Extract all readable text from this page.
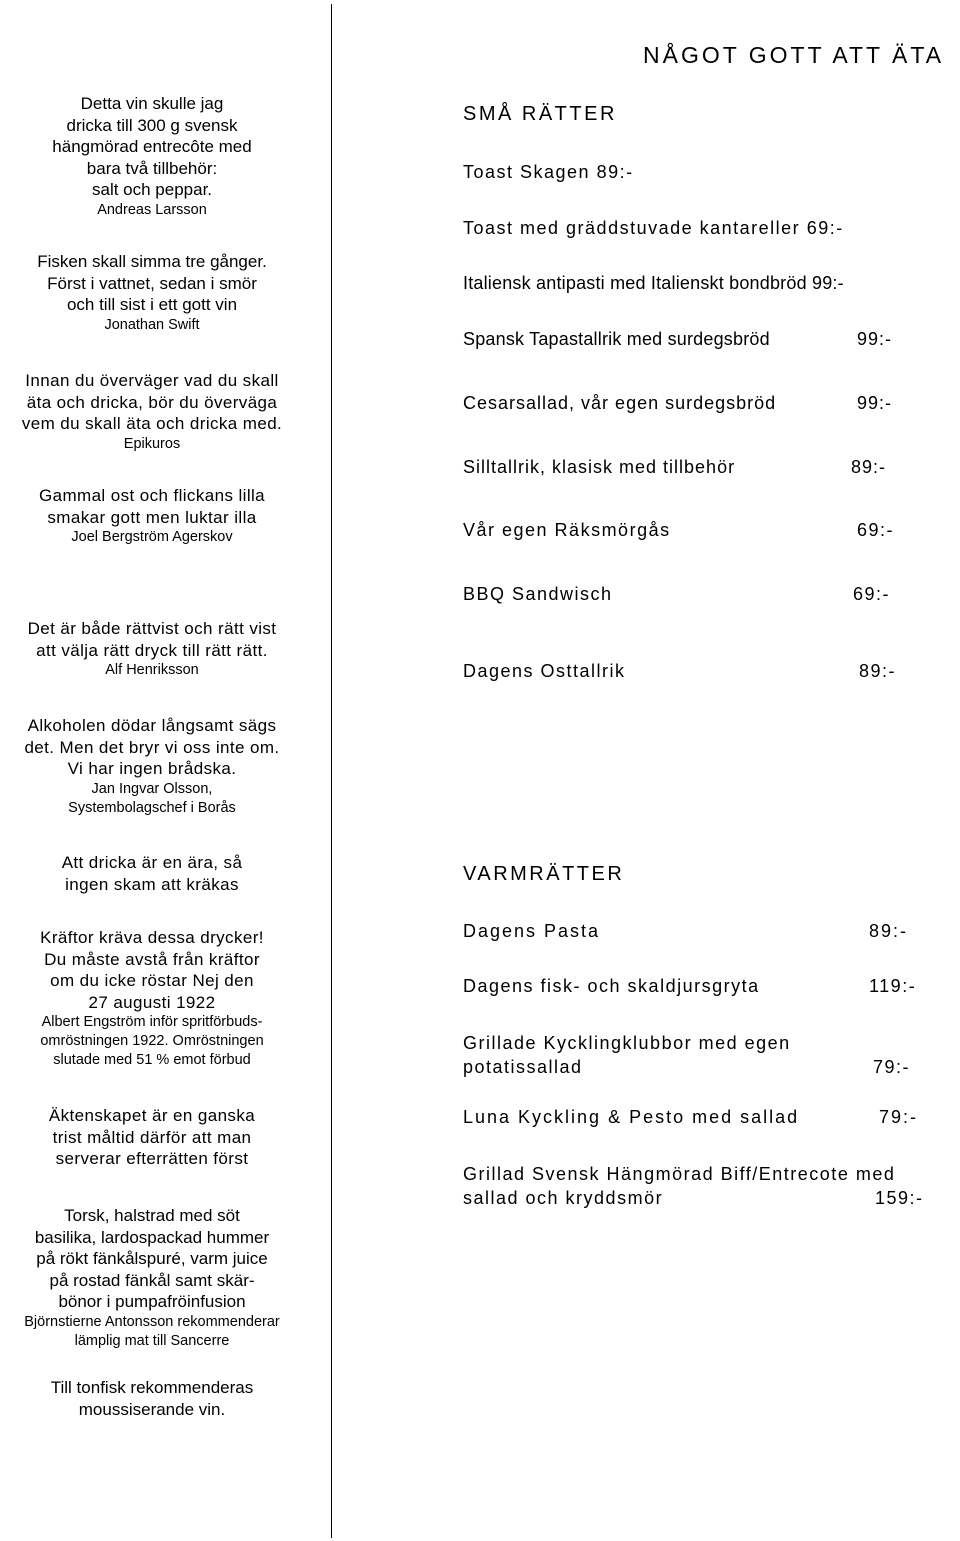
Detta vin skulle jag
dricka till 300 g svensk
hängmörad entrecôte med
bara två tillbehör:
salt och peppar.
Andreas Larsson
Fisken skall simma tre gånger.
Först i vattnet, sedan i smör
och till sist i ett gott vin
Jonathan Swift
Innan du överväger vad du skall
äta och dricka, bör du överväga
vem du skall äta och dricka med.
Epikuros
Gammal ost och flickans lilla
smakar gott men luktar illa
Joel Bergström Agerskov
Det är både rättvist och rätt vist
att välja rätt dryck till rätt rätt.
Alf Henriksson
Alkoholen dödar långsamt sägs
det. Men det bryr vi oss inte om.
Vi har ingen brådska.
Jan Ingvar Olsson,
Systembolagschef i Borås
Att dricka är en ära, så
ingen skam att kräkas
Kräftor kräva dessa drycker!
Du måste avstå från kräftor
om du icke röstar Nej den
27 augusti 1922
Albert Engström inför spritförbuds-
omröstningen 1922. Omröstningen
slutade med 51 % emot förbud
Äktenskapet är en ganska
trist måltid därför att man
serverar efterrätten först
Torsk, halstrad med söt
basilika, lardospackad hummer
på rökt fänkålspuré, varm juice
på rostad fänkål samt skär-
bönor i pumpafröinfusion
Björnstierne Antonsson rekommenderar
lämplig mat till Sancerre
Till tonfisk rekommenderas
moussiserande vin.
NÅGOT GOTT ATT ÄTA
SMÅ RÄTTER
Toast Skagen 89:-
Toast med gräddstuvade kantareller 69:-
Italiensk antipasti med Italienskt bondbröd 99:-
Spansk Tapastallrik med surdegsbröd	99:-
Cesarsallad, vår egen surdegsbröd	99:-
Silltallrik, klasisk med tillbehör	89:-
Vår egen Räksmörgås	69:-
BBQ Sandwisch	69:-
Dagens Osttallrik	89:-
VARMRÄTTER
Dagens Pasta	89:-
Dagens fisk- och skaldjursgryta	119:-
Grillade Kycklingklubbor med egen
potatissallad	79:-
Luna Kyckling & Pesto med sallad	79:-
Grillad Svensk Hängmörad Biff/Entrecote med
sallad och kryddsmör	159:-
